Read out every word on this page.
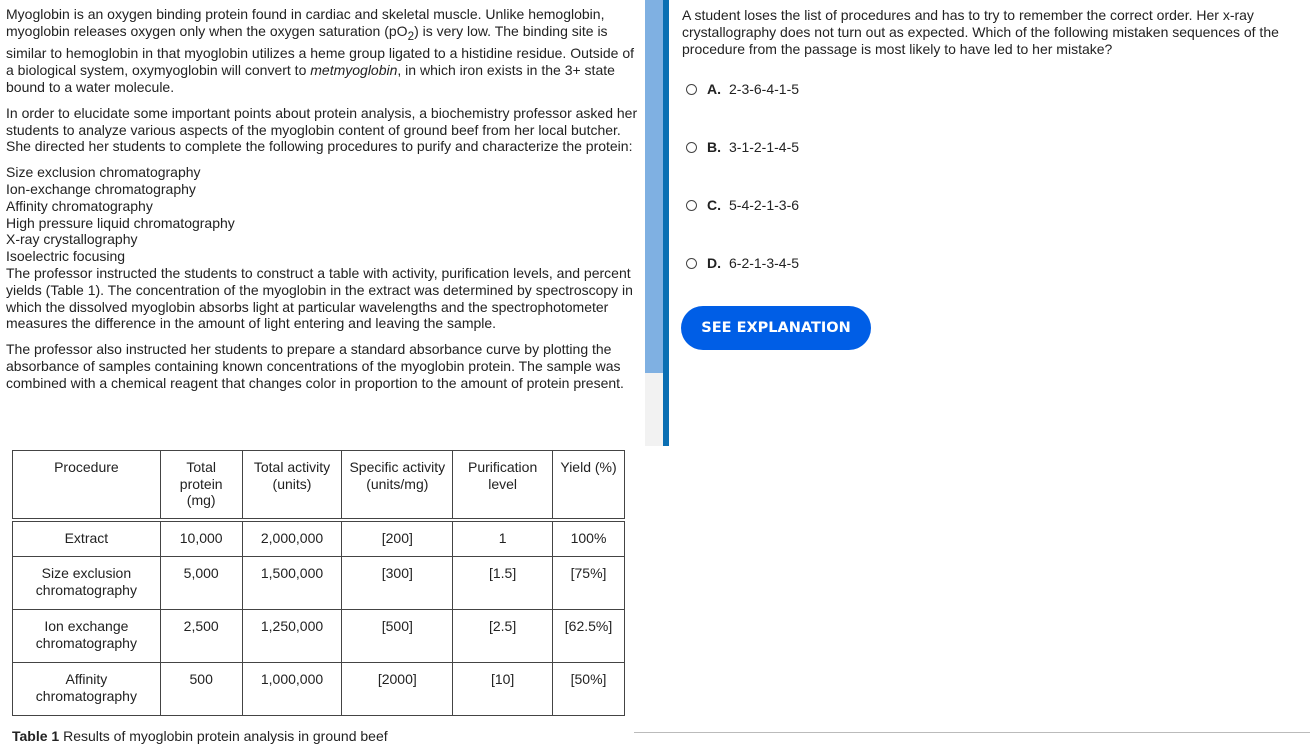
Myoglobin is an oxygen binding protein found in cardiac and skeletal muscle. Unlike hemoglobin, myoglobin releases oxygen only when the oxygen saturation $(pO_2)$ is very low. The binding site is similar to hemoglobin in that myoglobin utilizes a heme group ligated to a histidine residue. Outside of a biological system, oxymyoglobin will convert to metmyoglobin, in which iron exists in the 3+ state bound to a water molecule.

In order to elucidate some important points about protein analysis, a biochemistry professor asked her students to analyze various aspects of the myoglobin content of ground beef from her local butcher. She directed her students to complete the following procedures to purify and characterize the protein:

Size exclusion chromatography
Ion-exchange chromatography
Affinity chromatography
High pressure liquid chromatography
X-ray crystallography
Isoelectric focusing

The professor instructed the students to construct a table with activity, purification levels, and percent yields (Table 1). The concentration of the myoglobin in the extract was determined by spectroscopy in which the dissolved myoglobin absorbs light at particular wavelengths and the spectrophotometer measures the difference in the amount of light entering and leaving the sample.

The professor also instructed her students to prepare a standard absorbance curve by plotting the absorbance of samples containing known concentrations of the myoglobin protein. The sample was combined with a chemical reagent that changes color in proportion to the amount of protein present.

Procedure	Total protein (mg)	Total activity (units)	Specific activity (units/mg)	Purification level	Yield (%)
Extract	10,000	2,000,000	[200]	1	100%
Size exclusion chromatography	5,000	1,500,000	[300]	[1.5]	[75%]
Ion exchange chromatography	2,500	1,250,000	[500]	[2.5]	[62.5%]
Affinity chromatography	500	1,000,000	[2000]	[10]	[50%]
Table 1 Results of myoglobin protein analysis in ground beef
A student loses the list of procedures and has to try to remember the correct order. Her x-ray crystallography does not turn out as expected. Which of the following mistaken sequences of the procedure from the passage is most likely to have led to her mistake?
A. 2-3-6-4-1-5
B. 3-1-2-1-4-5
C. 5-4-2-1-3-6
D. 6-2-1-3-4-5
SEE EXPLANATION
